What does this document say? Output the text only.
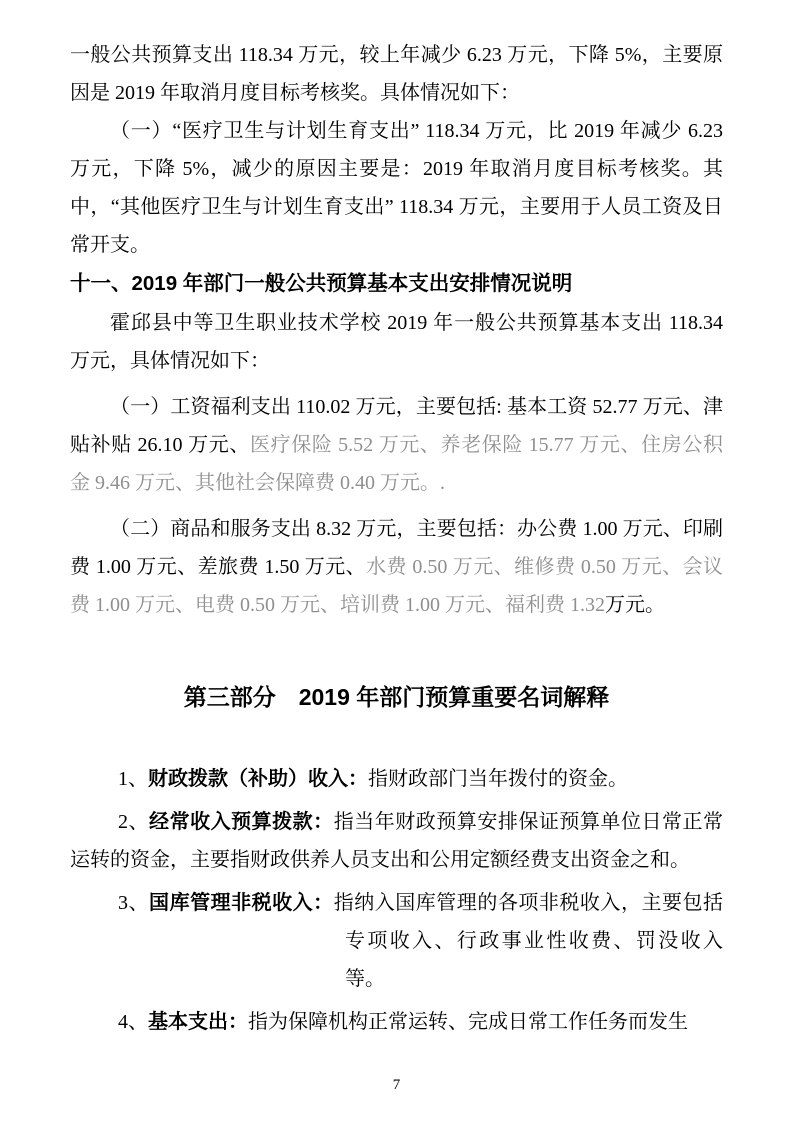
一般公共预算支出 118.34 万元，较上年减少 6.23 万元，下降 5%，主要原因是 2019 年取消月度目标考核奖。具体情况如下：

（一）“医疗卫生与计划生育支出” 118.34 万元，比 2019 年减少 6.23 万元，下降 5%，减少的原因主要是：2019 年取消月度目标考核奖。其中，“其他医疗卫生与计划生育支出” 118.34 万元，主要用于人员工资及日常开支。

十一、2019 年部门一般公共预算基本支出安排情况说明

霍邱县中等卫生职业技术学校 2019 年一般公共预算基本支出 118.34 万元，具体情况如下：

（一）工资福利支出 110.02 万元，主要包括: 基本工资 52.77 万元、津贴补贴 26.10 万元、医疗保险 5.52 万元、养老保险 15.77 万元、住房公积金 9.46 万元、其他社会保障费 0.40 万元。.

（二）商品和服务支出 8.32 万元，主要包括：办公费 1.00 万元、印刷费 1.00 万元、差旅费 1.50 万元、水费 0.50 万元、维修费 0.50 万元、会议费 1.00 万元、电费 0.50 万元、培训费 1.00 万元、福利费 1.32万元。

第三部分　2019 年部门预算重要名词解释

1、财政拨款（补助）收入：指财政部门当年拨付的资金。

2、经常收入预算拨款：指当年财政预算安排保证预算单位日常正常运转的资金，主要指财政供养人员支出和公用定额经费支出资金之和。

3、国库管理非税收入：指纳入国库管理的各项非税收入，主要包括专项收入、行政事业性收费、罚没收入等。

4、基本支出：指为保障机构正常运转、完成日常工作任务而发生

7
